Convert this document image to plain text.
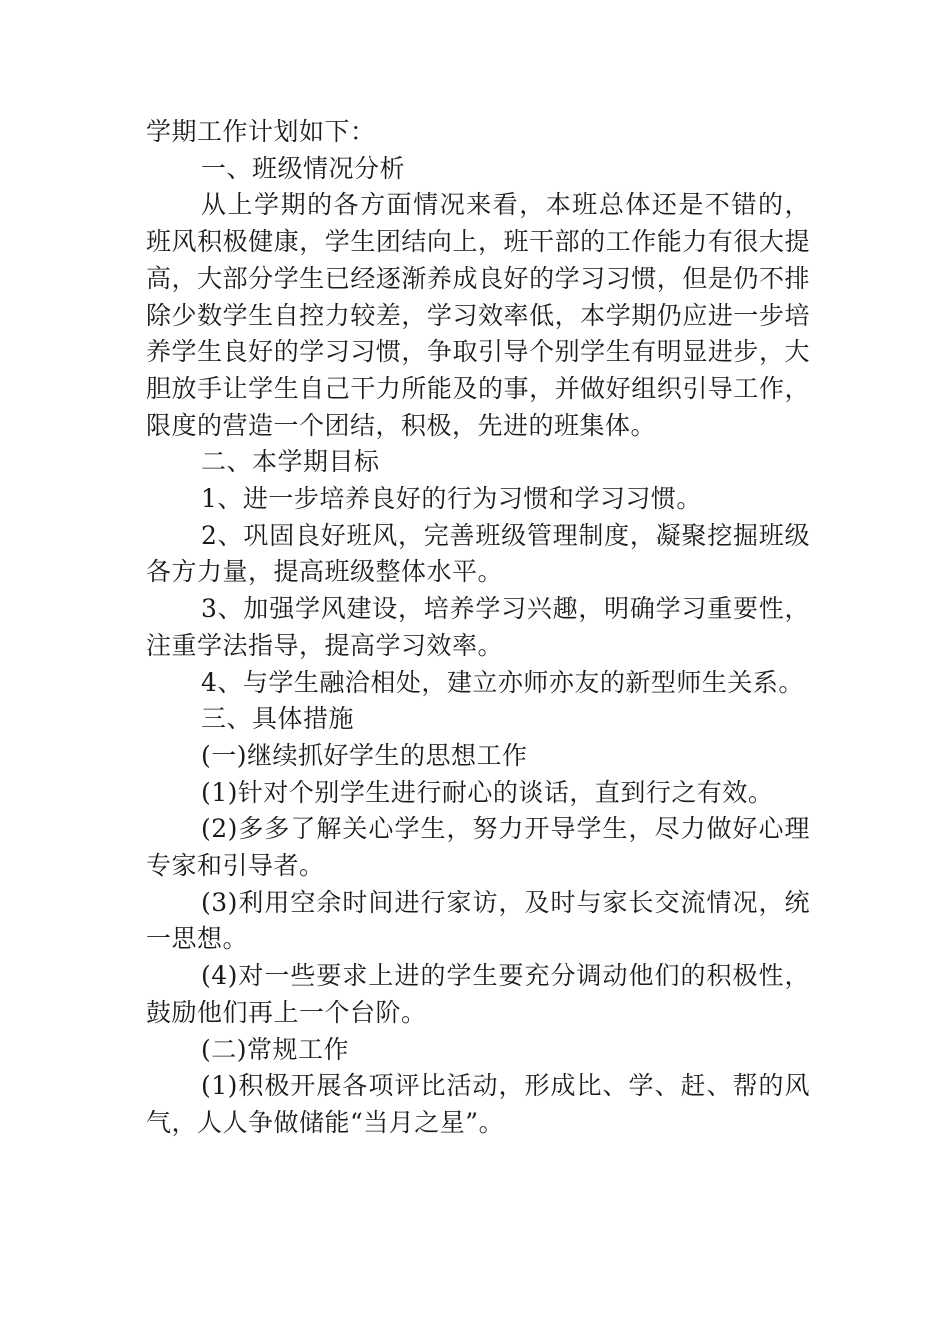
学期工作计划如下：

一、班级情况分析

从上学期的各方面情况来看，本班总体还是不错的，班风积极健康，学生团结向上，班干部的工作能力有很大提高，大部分学生已经逐渐养成良好的学习习惯，但是仍不排除少数学生自控力较差，学习效率低，本学期仍应进一步培养学生良好的学习习惯，争取引导个别学生有明显进步，大胆放手让学生自己干力所能及的事，并做好组织引导工作，限度的营造一个团结，积极，先进的班集体。

二、本学期目标

1、进一步培养良好的行为习惯和学习习惯。

2、巩固良好班风，完善班级管理制度，凝聚挖掘班级各方力量，提高班级整体水平。

3、加强学风建设，培养学习兴趣，明确学习重要性，注重学法指导，提高学习效率。

4、与学生融洽相处，建立亦师亦友的新型师生关系。

三、具体措施

(一)继续抓好学生的思想工作

(1)针对个别学生进行耐心的谈话，直到行之有效。

(2)多多了解关心学生，努力开导学生，尽力做好心理专家和引导者。

(3)利用空余时间进行家访，及时与家长交流情况，统一思想。

(4)对一些要求上进的学生要充分调动他们的积极性，鼓励他们再上一个台阶。

(二)常规工作

(1)积极开展各项评比活动，形成比、学、赶、帮的风气，人人争做储能“当月之星”。
